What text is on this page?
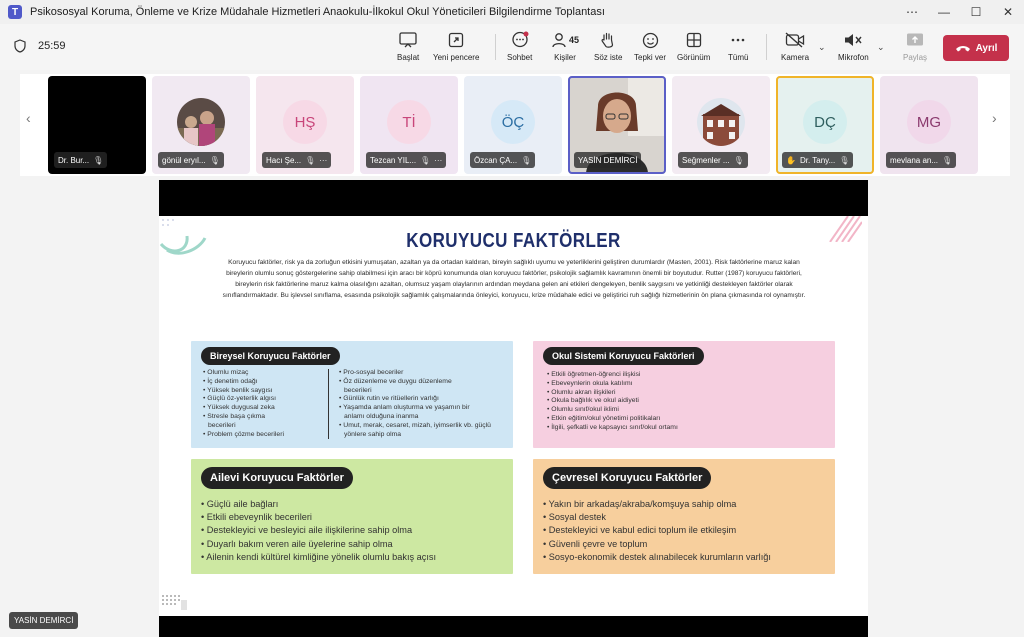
T	Psikososyal Koruma, Önleme ve Krize Müdahale Hizmetleri Anaokulu-İlkokul Okul Yöneticileri Bilgilendirme Toplantası	⋯	—	☐	✕
25:59
Başlat Yeni pencere	Sohbet
45
Kişiler Söz iste Tepki ver Görünüm Tümü	Kamera
⌄
Mikrofon
⌄
Paylaş
Ayrıl
‹	›
Dr. Bur... 🎙︎	gönül eryıl... 🎙︎
HŞ
Hacı Şe... 🎙︎ ⋯
Tİ
Tezcan YIL... 🎙︎ ⋯
ÖÇ
Özcan ÇA... 🎙︎	YASİN DEMİRCİ	Seğmenler ... 🎙︎
DÇ
✋ Dr. Tany... 🎙︎
MG
mevlana an... 🎙︎
KORUYUCU FAKTÖRLER
Koruyucu faktörler, risk ya da zorluğun etkisini yumuşatan, azaltan ya da ortadan kaldıran, bireyin sağlıklı uyumu ve yeterliklerini geliştiren durumlardır (Masten, 2001). Risk faktörlerine maruz kalan bireylerin olumlu sonuç göstergelerine sahip olabilmesi için aracı bir köprü konumunda olan koruyucu faktörler, psikolojik sağlamlık kavramının önemli bir boyutudur. Rutter (1987) koruyucu faktörleri, bireylerin risk faktörlerine maruz kalma olasılığını azaltan, olumsuz yaşam olaylarının ardından meydana gelen ani etkileri dengeleyen, benlik saygısını ve yetkinliği destekleyen faktörler olarak sınıflandırmaktadır. Bu işlevsel sınıflama, esasında psikolojik sağlamlık çalışmalarında önleyici, koruyucu, krize müdahale edici ve geliştirici ruh sağlığı hizmetlerinin ön plana çıkmasında rol oynamıştır.
Bireysel Koruyucu Faktörler
• Olumlu mizaç
• İç denetim odağı
• Yüksek benlik saygısı
• Güçlü öz-yeterlik algısı
• Yüksek duygusal zeka
• Stresle başa çıkma becerileri
• Problem çözme becerileri
• Pro-sosyal beceriler
• Öz düzenleme ve duygu düzenleme becerileri
• Günlük rutin ve ritüellerin varlığı
• Yaşamda anlam oluşturma ve yaşamın bir anlamı olduğuna inanma
• Umut, merak, cesaret, mizah, iyimserlik vb. güçlü yönlere sahip olma
Okul Sistemi Koruyucu Faktörleri
• Etkili öğretmen-öğrenci ilişkisi
• Ebeveynlerin okula katılımı
• Olumlu akran ilişkileri
• Okula bağlılık ve okul aidiyeti
• Olumlu sınıf/okul iklimi
• Etkin eğitim/okul yönetimi politikaları
• İlgili, şefkatli ve kapsayıcı sınıf/okul ortamı
Ailevi Koruyucu Faktörler
• Güçlü aile bağları
• Etkili ebeveynlik becerileri
• Destekleyici ve besleyici aile ilişkilerine sahip olma
• Duyarlı bakım veren aile üyelerine sahip olma
• Ailenin kendi kültürel kimliğine yönelik olumlu bakış açısı
Çevresel Koruyucu Faktörler
• Yakın bir arkadaş/akraba/komşuya sahip olma
• Sosyal destek
• Destekleyici ve kabul edici toplum ile etkileşim
• Güvenli çevre ve toplum
• Sosyo-ekonomik destek alınabilecek kurumların varlığı
YASİN DEMİRCİ
